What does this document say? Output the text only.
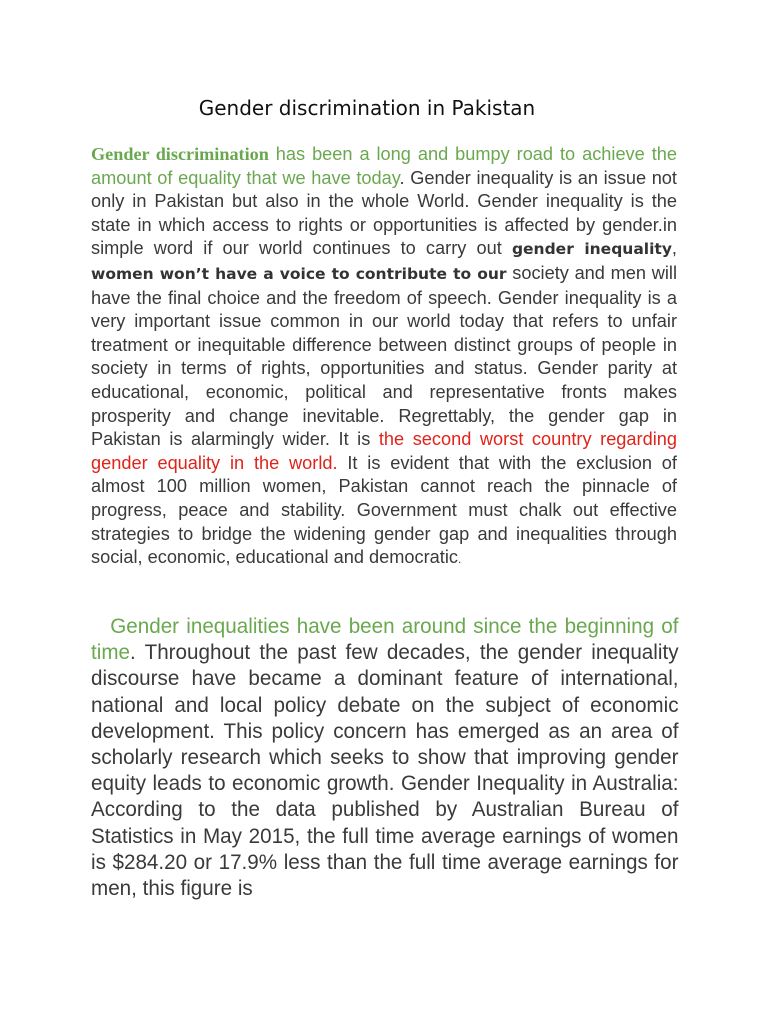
Gender discrimination in Pakistan

Gender discrimination has been a long and bumpy road to achieve the amount of equality that we have today. Gender inequality is an issue not only in Pakistan but also in the whole World. Gender inequality is the state in which access to rights or opportunities is affected by gender.in simple word if our world continues to carry out gender inequality, women won’t have a voice to contribute to our society and men will have the final choice and the freedom of speech. Gender inequality is a very important issue common in our world today that refers to unfair treatment or inequitable difference between distinct groups of people in society in terms of rights, opportunities and status. Gender parity at educational, economic, political and representative fronts makes prosperity and change inevitable. Regrettably, the gender gap in Pakistan is alarmingly wider. It is the second worst country regarding gender equality in the world. It is evident that with the exclusion of almost 100 million women, Pakistan cannot reach the pinnacle of progress, peace and stability. Government must chalk out effective strategies to bridge the widening gender gap and inequalities through social, economic, educational and democratic.

Gender inequalities have been around since the beginning of time. Throughout the past few decades, the gender inequality discourse have became a dominant feature of international, national and local policy debate on the subject of economic development. This policy concern has emerged as an area of scholarly research which seeks to show that improving gender equity leads to economic growth. Gender Inequality in Australia: According to the data published by Australian Bureau of Statistics in May 2015, the full time average earnings of women is $284.20 or 17.9% less than the full time average earnings for men, this figure is
